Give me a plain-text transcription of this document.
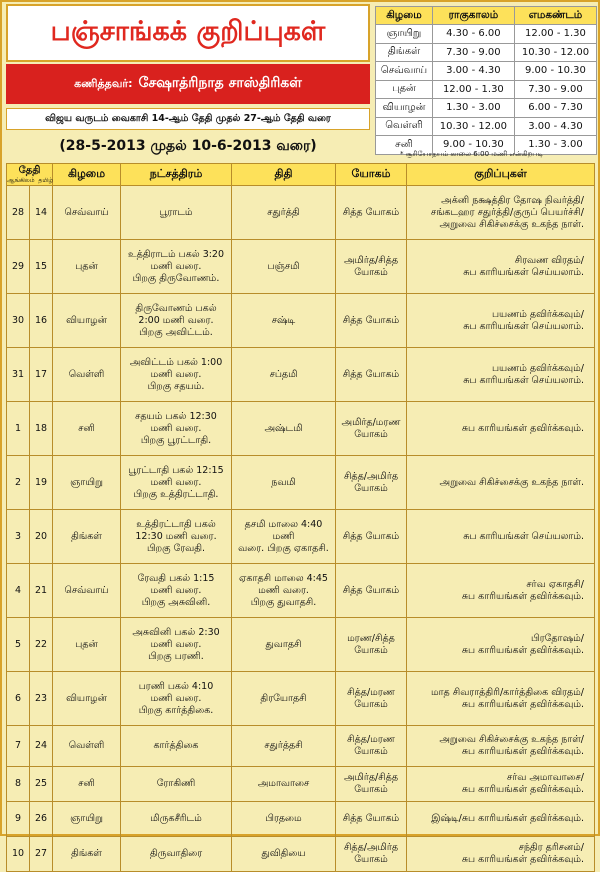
பஞ்சாங்கக் குறிப்புகள்
கணித்தவர்: சேஷாத்ரிநாத சாஸ்திரிகள்
விஜய வருடம் வைகாசி 14-ஆம் தேதி முதல் 27-ஆம் தேதி வரை
(28-5-2013 முதல் 10-6-2013 வரை)
கிழமை	ராகுகாலம்	எமகண்டம்
ஞாயிறு	4.30 - 6.00	12.00 - 1.30
திங்கள்	7.30 - 9.00	10.30 - 12.00
செவ்வாய்	3.00 - 4.30	9.00 - 10.30
புதன்	12.00 - 1.30	7.30 - 9.00
வியாழன்	1.30 - 3.00	6.00 - 7.30
வெள்ளி	10.30 - 12.00	3.00 - 4.30
சனி	9.00 - 10.30	1.30 - 3.00
* சூரியோதயம் காலை 6:00 மணி என்கிறபடி
தேதி
ஆங்கிலம் தமிழ்		கிழமை	நட்சத்திரம்	திதி	யோகம்	குறிப்புகள்
28	14	செவ்வாய்	பூராடம்	சதுர்த்தி	சித்த யோகம்	அக்னி நக்ஷத்திர தோஷ நிவர்த்தி/
சங்கடஹர சதுர்த்தி/குருப் பெயர்ச்சி/
அறுவை சிகிச்சைக்கு உகந்த நாள்.
29	15	புதன்	உத்திராடம் பகல் 3:20
மணி வரை.
பிறகு திருவோணம்.	பஞ்சமி	அமிர்த/சித்த
யோகம்	சிரவண விரதம்/
சுப காரியங்கள் செய்யலாம்.
30	16	வியாழன்	திருவோணம் பகல்
2:00 மணி வரை.
பிறகு அவிட்டம்.	சஷ்டி	சித்த யோகம்	பயணம் தவிர்க்கவும்/
சுப காரியங்கள் செய்யலாம்.
31	17	வெள்ளி	அவிட்டம் பகல் 1:00
மணி வரை.
பிறகு சதயம்.	சப்தமி	சித்த யோகம்	பயணம் தவிர்க்கவும்/
சுப காரியங்கள் செய்யலாம்.
1	18	சனி	சதயம் பகல் 12:30
மணி வரை.
பிறகு பூரட்டாதி.	அஷ்டமி	அமிர்த/மரண
யோகம்	சுப காரியங்கள் தவிர்க்கவும்.
2	19	ஞாயிறு	பூரட்டாதி பகல் 12:15
மணி வரை.
பிறகு உத்திரட்டாதி.	நவமி	சித்த/அமிர்த
யோகம்	அறுவை சிகிச்சைக்கு உகந்த நாள்.
3	20	திங்கள்	உத்திரட்டாதி பகல்
12:30 மணி வரை.
பிறகு ரேவதி.	தசமி மாலை 4:40 மணி
வரை. பிறகு ஏகாதசி.	சித்த யோகம்	சுப காரியங்கள் செய்யலாம்.
4	21	செவ்வாய்	ரேவதி பகல் 1:15
மணி வரை.
பிறகு அசுவினி.	ஏகாதசி மாலை 4:45
மணி வரை.
பிறகு துவாதசி.	சித்த யோகம்	சர்வ ஏகாதசி/
சுப காரியங்கள் தவிர்க்கவும்.
5	22	புதன்	அசுவினி பகல் 2:30
மணி வரை.
பிறகு பரணி.	துவாதசி	மரண/சித்த
யோகம்	பிரதோஷம்/
சுப காரியங்கள் தவிர்க்கவும்.
6	23	வியாழன்	பரணி பகல் 4:10
மணி வரை.
பிறகு கார்த்திகை.	திரயோதசி	சித்த/மரண
யோகம்	மாத சிவராத்திரி/கார்த்திகை விரதம்/
சுப காரியங்கள் தவிர்க்கவும்.
7	24	வெள்ளி	கார்த்திகை	சதுர்த்தசி	சித்த/மரண
யோகம்	அறுவை சிகிச்சைக்கு உகந்த நாள்/
சுப காரியங்கள் தவிர்க்கவும்.
8	25	சனி	ரோகிணி	அமாவாசை	அமிர்த/சித்த
யோகம்	சர்வ அமாவாசை/
சுப காரியங்கள் தவிர்க்கவும்.
9	26	ஞாயிறு	மிருகசீரிடம்	பிரதமை	சித்த யோகம்	இஷ்டி/சுப காரியங்கள் தவிர்க்கவும்.
10	27	திங்கள்	திருவாதிரை	துவிதியை	சித்த/அமிர்த
யோகம்	சந்திர தரிசனம்/
சுப காரியங்கள் தவிர்க்கவும்.
